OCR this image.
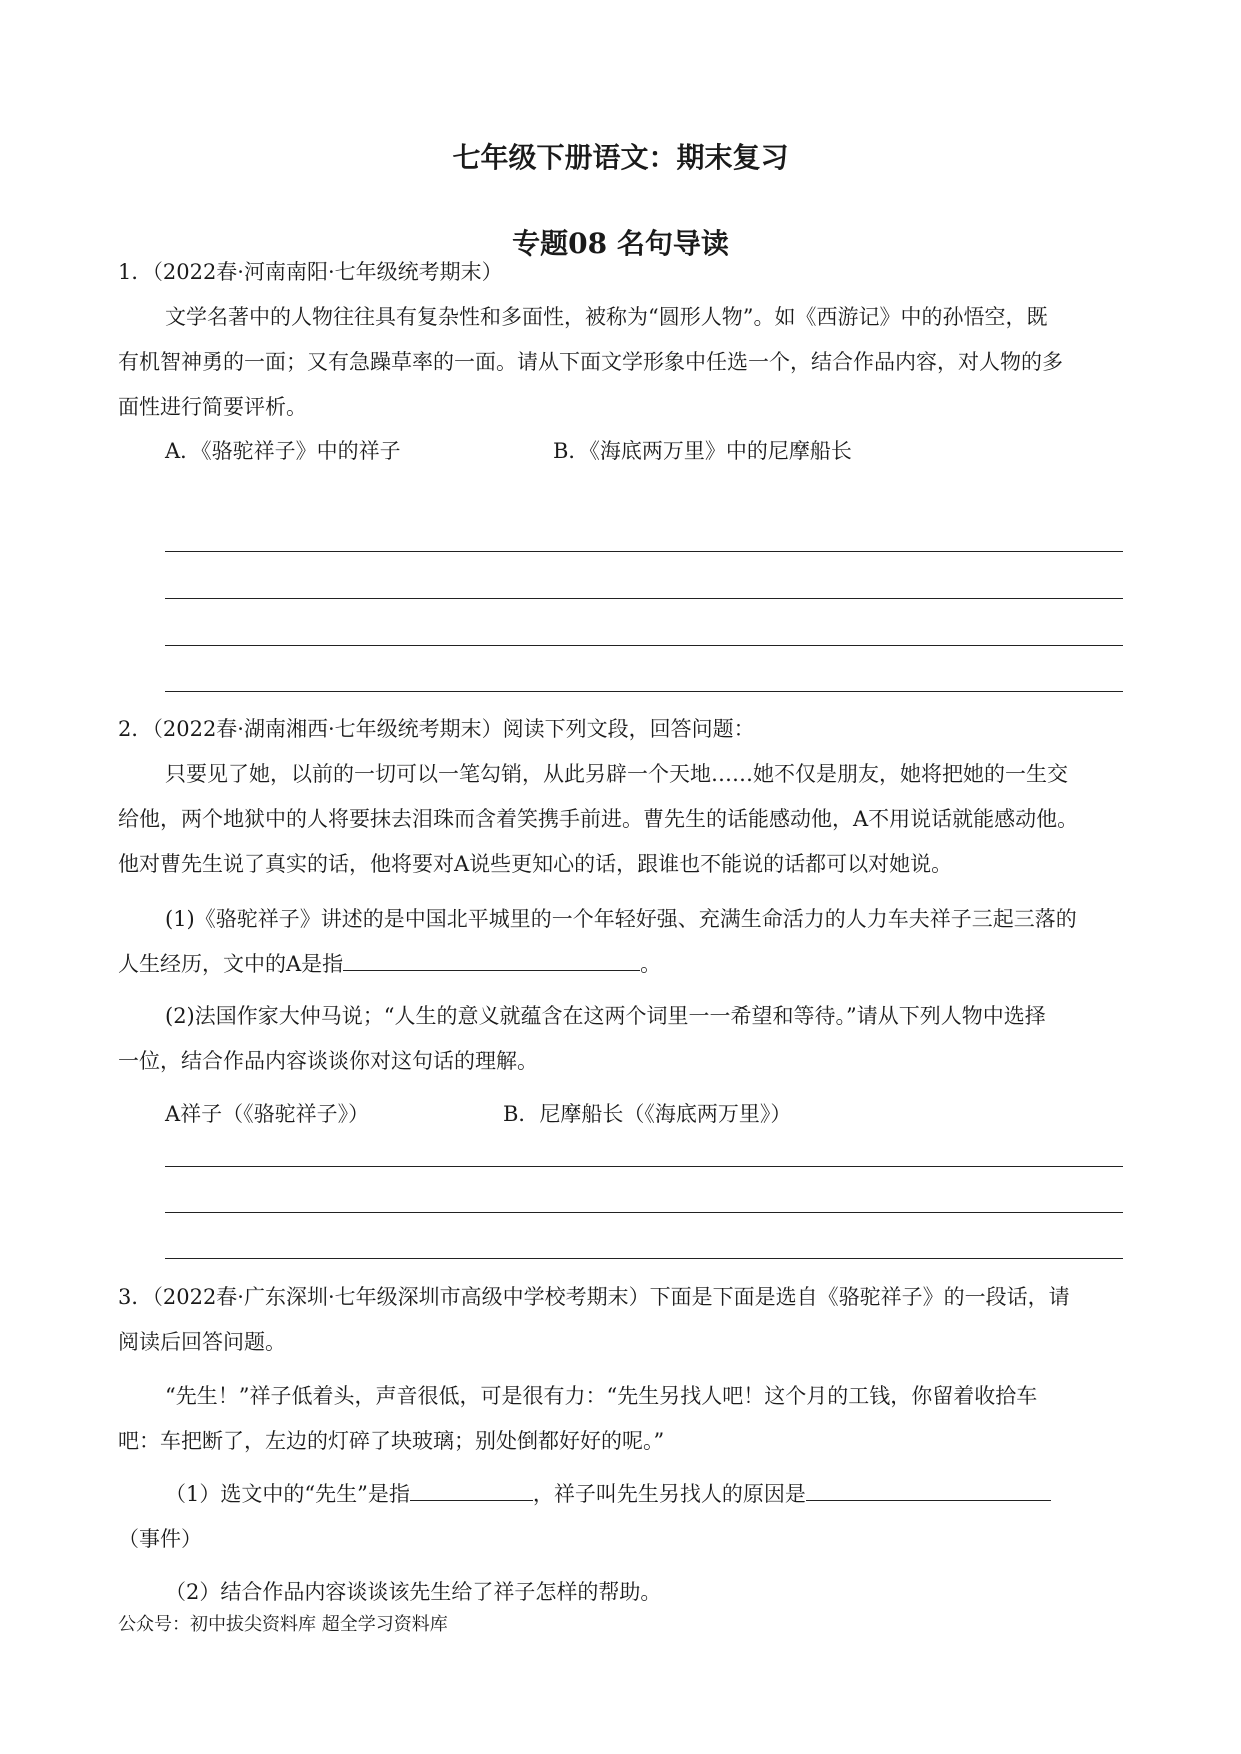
七年级下册语文：期末复习
专题08 名句导读
1．（2022春·河南南阳·七年级统考期末）
文学名著中的人物往往具有复杂性和多面性，被称为“圆形人物”。如《西游记》中的孙悟空，既
有机智神勇的一面；又有急躁草率的一面。请从下面文学形象中任选一个，结合作品内容，对人物的多
面性进行简要评析。
A．《骆驼祥子》中的祥子	B．《海底两万里》中的尼摩船长
2．（2022春·湖南湘西·七年级统考期末）阅读下列文段，回答问题：
只要见了她，以前的一切可以一笔勾销，从此另辟一个天地……她不仅是朋友，她将把她的一生交
给他，两个地狱中的人将要抹去泪珠而含着笑携手前进。曹先生的话能感动他，A不用说话就能感动他。
他对曹先生说了真实的话，他将要对A说些更知心的话，跟谁也不能说的话都可以对她说。
(1)《骆驼祥子》讲述的是中国北平城里的一个年轻好强、充满生命活力的人力车夫祥子三起三落的
人生经历，文中的A是指	。
(2)法国作家大仲马说；“人生的意义就蕴含在这两个词里一一希望和等待。”请从下列人物中选择
一位，结合作品内容谈谈你对这句话的理解。
A祥子（《骆驼祥子》）	B．尼摩船长（《海底两万里》）
3．（2022春·广东深圳·七年级深圳市高级中学校考期末）下面是下面是选自《骆驼祥子》的一段话，请
阅读后回答问题。
“先生！”祥子低着头，声音很低，可是很有力：“先生另找人吧！这个月的工钱，你留着收拾车
吧：车把断了，左边的灯碎了块玻璃；别处倒都好好的呢。”
（1）选文中的“先生”是指	，祥子叫先生另找人的原因是
（事件）
（2）结合作品内容谈谈该先生给了祥子怎样的帮助。
公众号：初中拔尖资料库 超全学习资料库
